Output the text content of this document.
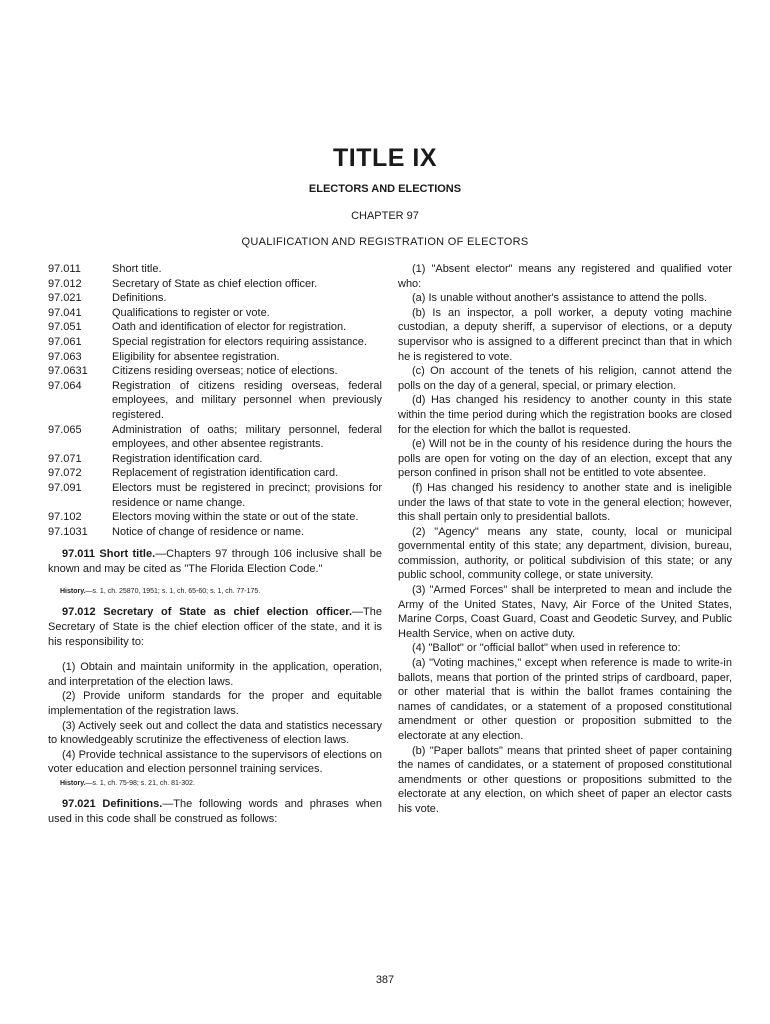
TITLE IX
ELECTORS AND ELECTIONS
CHAPTER 97
QUALIFICATION AND REGISTRATION OF ELECTORS
97.011	Short title.
97.012	Secretary of State as chief election officer.
97.021	Definitions.
97.041	Qualifications to register or vote.
97.051	Oath and identification of elector for registration.
97.061	Special registration for electors requiring assistance.
97.063	Eligibility for absentee registration.
97.0631	Citizens residing overseas; notice of elections.
97.064	Registration of citizens residing overseas, federal employees, and military personnel when previously registered.
97.065	Administration of oaths; military personnel, federal employees, and other absentee registrants.
97.071	Registration identification card.
97.072	Replacement of registration identification card.
97.091	Electors must be registered in precinct; provisions for residence or name change.
97.102	Electors moving within the state or out of the state.
97.1031	Notice of change of residence or name.

97.011 Short title.—Chapters 97 through 106 inclusive shall be known and may be cited as "The Florida Election Code."

History.—s. 1, ch. 25870, 1951; s. 1, ch. 65-60; s. 1, ch. 77-175.

97.012 Secretary of State as chief election officer.—The Secretary of State is the chief election officer of the state, and it is his responsibility to:

(1) Obtain and maintain uniformity in the application, operation, and interpretation of the election laws.

(2) Provide uniform standards for the proper and equitable implementation of the registration laws.

(3) Actively seek out and collect the data and statistics necessary to knowledgeably scrutinize the effectiveness of election laws.

(4) Provide technical assistance to the supervisors of elections on voter education and election personnel training services.

History.—s. 1, ch. 75-98; s. 21, ch. 81-302.

97.021 Definitions.—The following words and phrases when used in this code shall be construed as follows:

(1) "Absent elector" means any registered and qualified voter who:

(a) Is unable without another's assistance to attend the polls.

(b) Is an inspector, a poll worker, a deputy voting machine custodian, a deputy sheriff, a supervisor of elections, or a deputy supervisor who is assigned to a different precinct than that in which he is registered to vote.

(c) On account of the tenets of his religion, cannot attend the polls on the day of a general, special, or primary election.

(d) Has changed his residency to another county in this state within the time period during which the registration books are closed for the election for which the ballot is requested.

(e) Will not be in the county of his residence during the hours the polls are open for voting on the day of an election, except that any person confined in prison shall not be entitled to vote absentee.

(f) Has changed his residency to another state and is ineligible under the laws of that state to vote in the general election; however, this shall pertain only to presidential ballots.

(2) "Agency" means any state, county, local or municipal governmental entity of this state; any department, division, bureau, commission, authority, or political subdivision of this state; or any public school, community college, or state university.

(3) "Armed Forces" shall be interpreted to mean and include the Army of the United States, Navy, Air Force of the United States, Marine Corps, Coast Guard, Coast and Geodetic Survey, and Public Health Service, when on active duty.

(4) "Ballot" or "official ballot" when used in reference to:

(a) "Voting machines," except when reference is made to write-in ballots, means that portion of the printed strips of cardboard, paper, or other material that is within the ballot frames containing the names of candidates, or a statement of a proposed constitutional amendment or other question or proposition submitted to the electorate at any election.

(b) "Paper ballots" means that printed sheet of paper containing the names of candidates, or a statement of proposed constitutional amendments or other questions or propositions submitted to the electorate at any election, on which sheet of paper an elector casts his vote.

387
